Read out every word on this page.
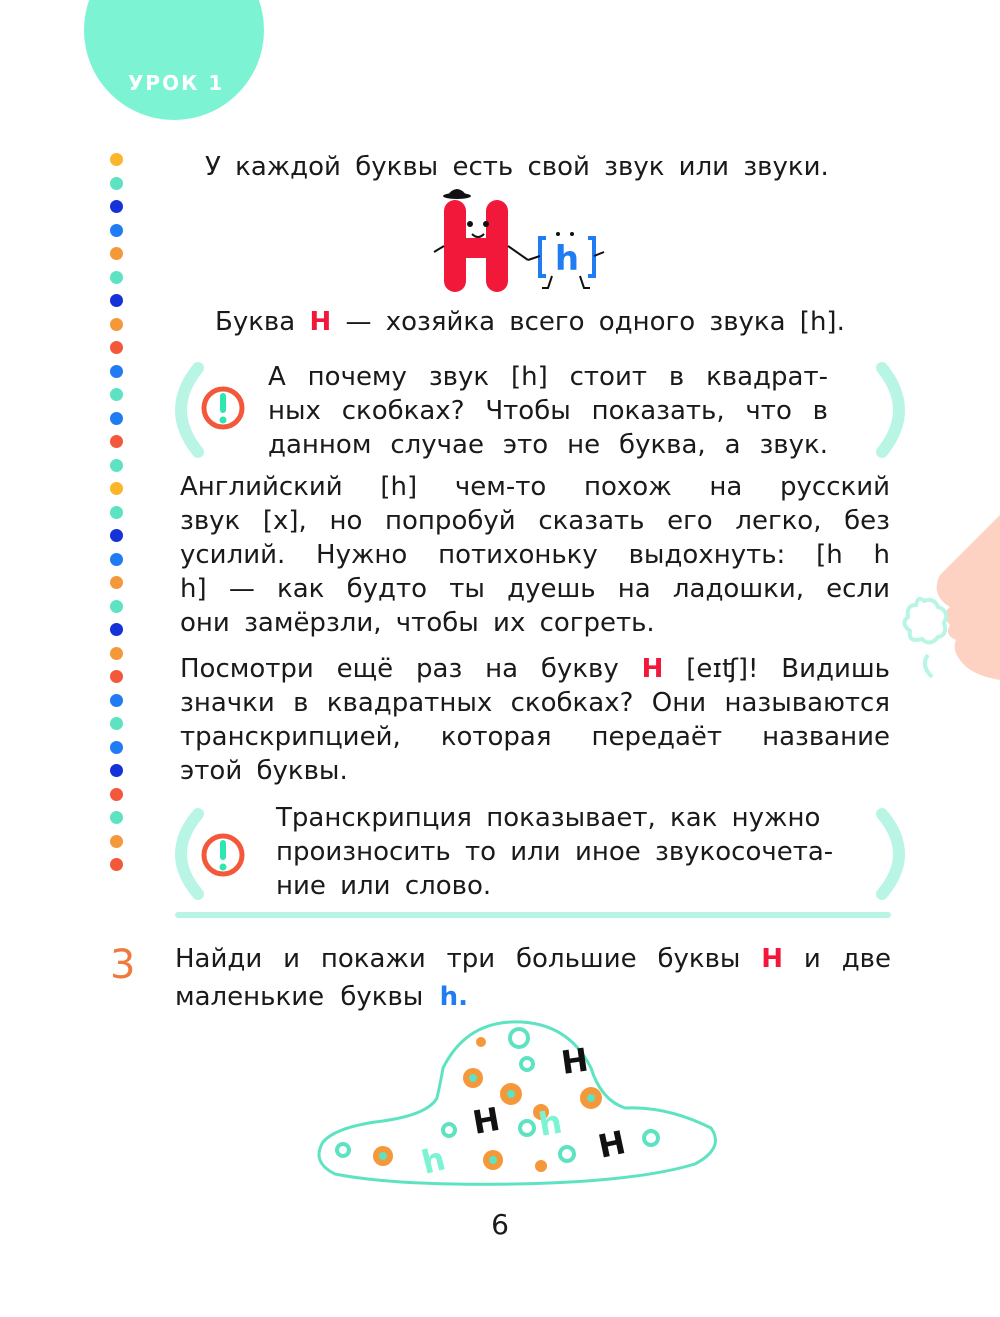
УРОК 1
У каждой буквы есть свой звук или звуки.
h
Буква H — хозяйка всего одного звука [h].
А почему звук [h] стоит в квадрат-
ных скобках? Чтобы показать, что в
данном случае это не буква, а звук.
Английский [h] чем-то похож на русский
звук [х], но попробуй сказать его легко, без
усилий. Нужно потихоньку выдохнуть: [h h
h] — как будто ты дуешь на ладошки, если
они замёрзли, чтобы их согреть.
Посмотри ещё раз на букву H [eɪʧ]! Видишь
значки в квадратных скобках? Они называются
транскрипцией, которая передаёт название
этой буквы.
Транскрипция показывает, как нужно
произносить то или иное звукосочета-
ние или слово.
3 Найди и покажи три большие буквы H и две
маленькие буквы h.
H
H
H
h
h
6
